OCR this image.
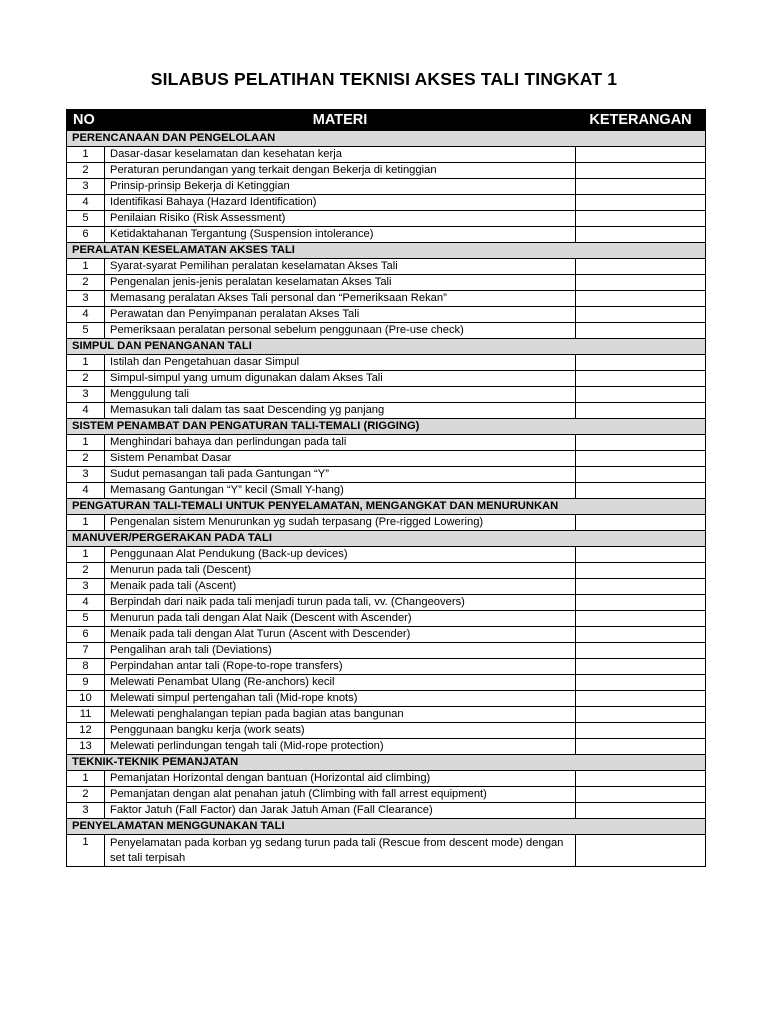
SILABUS PELATIHAN TEKNISI AKSES TALI TINGKAT 1
NO	MATERI	KETERANGAN
PERENCANAAN DAN PENGELOLAAN		
1	Dasar-dasar keselamatan dan kesehatan kerja	
2	Peraturan perundangan yang terkait dengan Bekerja di ketinggian	
3	Prinsip-prinsip Bekerja di Ketinggian	
4	Identifikasi Bahaya (Hazard Identification)	
5	Penilaian Risiko (Risk Assessment)	
6	Ketidaktahanan Tergantung (Suspension intolerance)	
PERALATAN KESELAMATAN AKSES TALI		
1	Syarat-syarat Pemilihan peralatan keselamatan Akses Tali	
2	Pengenalan jenis-jenis peralatan keselamatan Akses Tali	
3	Memasang peralatan Akses Tali personal dan “Pemeriksaan Rekan”	
4	Perawatan dan Penyimpanan peralatan Akses Tali	
5	Pemeriksaan peralatan personal sebelum penggunaan (Pre-use check)	
SIMPUL DAN PENANGANAN TALI		
1	Istilah dan Pengetahuan dasar Simpul	
2	Simpul-simpul yang umum digunakan dalam Akses Tali	
3	Menggulung tali	
4	Memasukan tali dalam tas saat Descending yg panjang	
SISTEM PENAMBAT DAN PENGATURAN TALI-TEMALI (RIGGING)		
1	Menghindari bahaya dan perlindungan pada tali	
2	Sistem Penambat Dasar	
3	Sudut pemasangan tali pada Gantungan “Y”	
4	Memasang Gantungan “Y” kecil (Small Y-hang)	
PENGATURAN TALI-TEMALI UNTUK PENYELAMATAN, MENGANGKAT DAN MENURUNKAN		
1	Pengenalan sistem Menurunkan yg sudah terpasang (Pre-rigged Lowering)	
MANUVER/PERGERAKAN PADA TALI		
1	Penggunaan Alat Pendukung (Back-up devices)	
2	Menurun pada tali (Descent)	
3	Menaik pada tali (Ascent)	
4	Berpindah dari naik pada tali menjadi turun pada tali, vv. (Changeovers)	
5	Menurun pada tali dengan Alat Naik (Descent with Ascender)	
6	Menaik pada tali dengan Alat Turun (Ascent with Descender)	
7	Pengalihan arah tali (Deviations)	
8	Perpindahan antar tali (Rope-to-rope transfers)	
9	Melewati Penambat Ulang (Re-anchors) kecil	
10	Melewati simpul pertengahan tali (Mid-rope knots)	
11	Melewati penghalangan tepian pada bagian atas bangunan	
12	Penggunaan bangku kerja (work seats)	
13	Melewati perlindungan tengah tali (Mid-rope protection)	
TEKNIK-TEKNIK PEMANJATAN		
1	Pemanjatan Horizontal dengan bantuan (Horizontal aid climbing)	
2	Pemanjatan dengan alat penahan jatuh (Climbing with fall arrest equipment)	
3	Faktor Jatuh (Fall Factor) dan Jarak Jatuh Aman (Fall Clearance)	
PENYELAMATAN MENGGUNAKAN TALI		
1	Penyelamatan pada korban yg sedang turun pada tali (Rescue from descent mode) dengan set tali terpisah	
